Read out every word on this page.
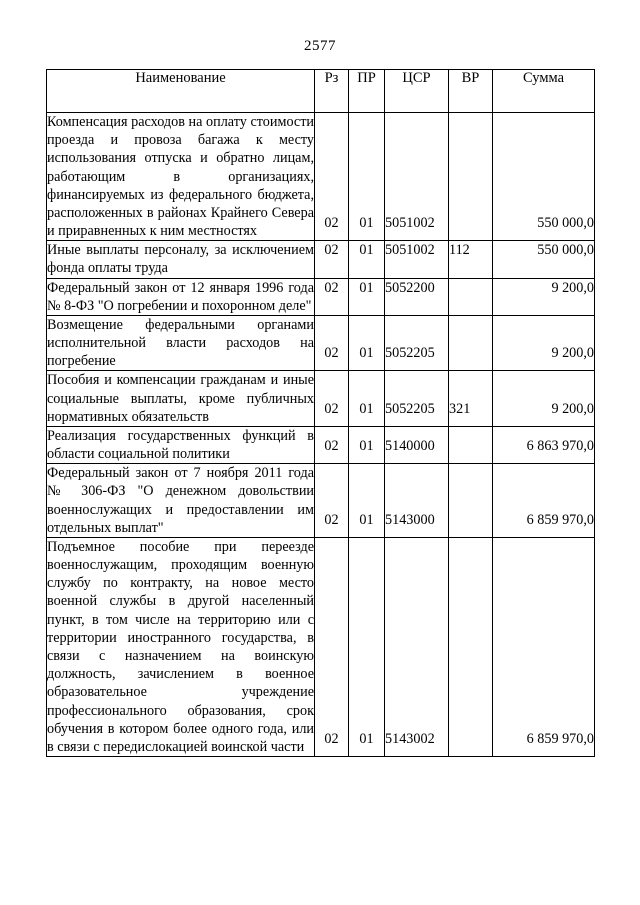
2577
Наименование	Рз	ПР	ЦСР	ВР	Сумма

Компенсация расходов на оплату стоимости проезда и провоза багажа к месту использования отпуска и обратно лицам, работающим в организациях, финансируемых из федерального бюджета, расположенных в районах Крайнего Севера и приравненных к ним местностях	02	01	5051002		550 000,0

Иные выплаты персоналу, за исключением фонда оплаты труда	02	01	5051002	112	550 000,0

Федеральный закон от 12 января 1996 года № 8-ФЗ "О погребении и похоронном деле"	02	01	5052200		9 200,0

Возмещение федеральными органами исполнительной власти расходов на погребение	02	01	5052205		9 200,0

Пособия и компенсации гражданам и иные социальные выплаты, кроме публичных нормативных обязательств	02	01	5052205	321	9 200,0

Реализация государственных функций в области социальной политики	02	01	5140000		6 863 970,0

Федеральный закон от 7 ноября 2011 года № 306-ФЗ "О денежном довольствии военнослужащих и предоставлении им отдельных выплат"	02	01	5143000		6 859 970,0

Подъемное пособие при переезде военнослужащим, проходящим военную службу по контракту, на новое место военной службы в другой населенный пункт, в том числе на территорию или с территории иностранного государства, в связи с назначением на воинскую должность, зачислением в военное образовательное учреждение профессионального образования, срок обучения в котором более одного года, или в связи с передислокацией воинской части	02	01	5143002		6 859 970,0
